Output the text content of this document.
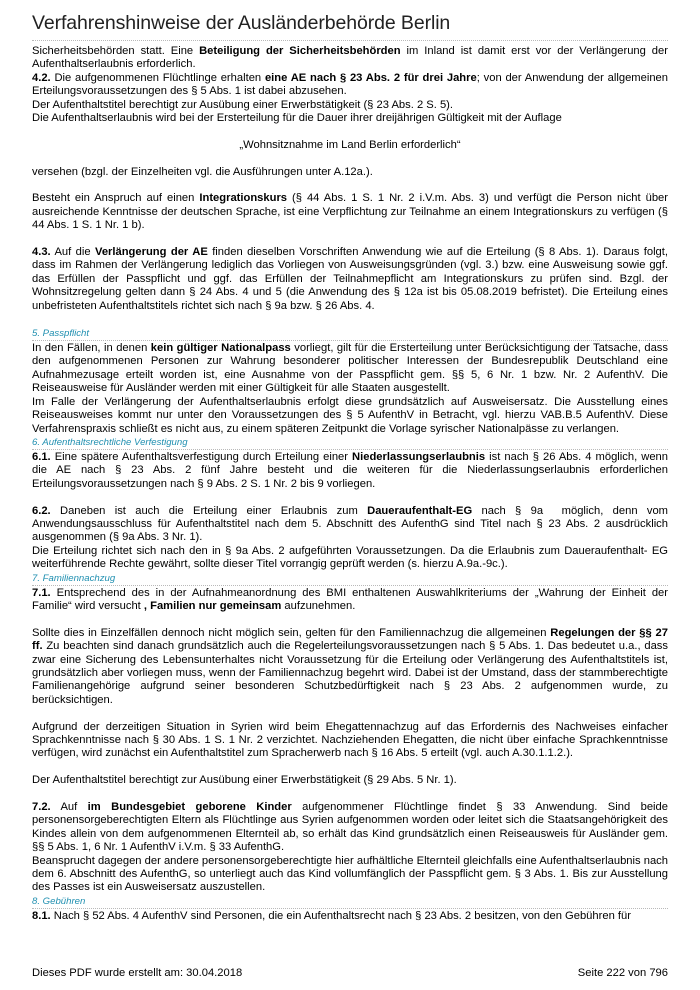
Verfahrenshinweise der Ausländerbehörde Berlin

Sicherheitsbehörden statt. Eine Beteiligung der Sicherheitsbehörden im Inland ist damit erst vor der Verlängerung der Aufenthaltserlaubnis erforderlich.

4.2. Die aufgenommenen Flüchtlinge erhalten eine AE nach § 23 Abs. 2 für drei Jahre; von der Anwendung der allgemeinen Erteilungsvoraussetzungen des § 5 Abs. 1 ist dabei abzusehen.

Der Aufenthaltstitel berechtigt zur Ausübung einer Erwerbstätigkeit (§ 23 Abs. 2 S. 5).

Die Aufenthaltserlaubnis wird bei der Ersterteilung für die Dauer ihrer dreijährigen Gültigkeit mit der Auflage

„Wohnsitznahme im Land Berlin erforderlich“

versehen (bzgl. der Einzelheiten vgl. die Ausführungen unter A.12a.).

Besteht ein Anspruch auf einen Integrationskurs (§ 44 Abs. 1 S. 1 Nr. 2 i.V.m. Abs. 3) und verfügt die Person nicht über ausreichende Kenntnisse der deutschen Sprache, ist eine Verpflichtung zur Teilnahme an einem Integrationskurs zu verfügen (§ 44 Abs. 1 S. 1 Nr. 1 b).

4.3. Auf die Verlängerung der AE finden dieselben Vorschriften Anwendung wie auf die Erteilung (§ 8 Abs. 1). Daraus folgt, dass im Rahmen der Verlängerung lediglich das Vorliegen von Ausweisungsgründen (vgl. 3.) bzw. eine Ausweisung sowie ggf. das Erfüllen der Passpflicht und ggf. das Erfüllen der Teilnahmepflicht am Integrationskurs zu prüfen sind. Bzgl. der Wohnsitzregelung gelten dann § 24 Abs. 4 und 5 (die Anwendung des § 12a ist bis 05.08.2019 befristet). Die Erteilung eines unbefristeten Aufenthaltstitels richtet sich nach § 9a bzw. § 26 Abs. 4.

5. Passpflicht

In den Fällen, in denen kein gültiger Nationalpass vorliegt, gilt für die Ersterteilung unter Berücksichtigung der Tatsache, dass den aufgenommenen Personen zur Wahrung besonderer politischer Interessen der Bundesrepublik Deutschland eine Aufnahmezusage erteilt worden ist, eine Ausnahme von der Passpflicht gem. §§ 5, 6 Nr. 1 bzw. Nr. 2 AufenthV. Die Reiseausweise für Ausländer werden mit einer Gültigkeit für alle Staaten ausgestellt.

Im Falle der Verlängerung der Aufenthaltserlaubnis erfolgt diese grundsätzlich auf Ausweisersatz. Die Ausstellung eines Reiseausweises kommt nur unter den Voraussetzungen des § 5 AufenthV in Betracht, vgl. hierzu VAB.B.5 AufenthV. Diese Verfahrenspraxis schließt es nicht aus, zu einem späteren Zeitpunkt die Vorlage syrischer Nationalpässe zu verlangen.

6. Aufenthaltsrechtliche Verfestigung

6.1. Eine spätere Aufenthaltsverfestigung durch Erteilung einer Niederlassungserlaubnis ist nach § 26 Abs. 4 möglich, wenn die AE nach § 23 Abs. 2 fünf Jahre besteht und die weiteren für die Niederlassungserlaubnis erforderlichen Erteilungsvoraussetzungen nach § 9 Abs. 2 S. 1 Nr. 2 bis 9 vorliegen.

6.2. Daneben ist auch die Erteilung einer Erlaubnis zum Daueraufenthalt-EG nach § 9a  möglich, denn vom Anwendungsausschluss für Aufenthaltstitel nach dem 5. Abschnitt des AufenthG sind Titel nach § 23 Abs. 2 ausdrücklich ausgenommen (§ 9a Abs. 3 Nr. 1).

Die Erteilung richtet sich nach den in § 9a Abs. 2 aufgeführten Voraussetzungen. Da die Erlaubnis zum Daueraufenthalt- EG weiterführende Rechte gewährt, sollte dieser Titel vorrangig geprüft werden (s. hierzu A.9a.-9c.).

7. Familiennachzug

7.1. Entsprechend des in der Aufnahmeanordnung des BMI enthaltenen Auswahlkriteriums der „Wahrung der Einheit der Familie“ wird versucht , Familien nur gemeinsam aufzunehmen.

Sollte dies in Einzelfällen dennoch nicht möglich sein, gelten für den Familiennachzug die allgemeinen Regelungen der §§ 27 ff. Zu beachten sind danach grundsätzlich auch die Regelerteilungsvoraussetzungen nach § 5 Abs. 1. Das bedeutet u.a., dass zwar eine Sicherung des Lebensunterhaltes nicht Voraussetzung für die Erteilung oder Verlängerung des Aufenthaltstitels ist, grundsätzlich aber vorliegen muss, wenn der Familiennachzug begehrt wird. Dabei ist der Umstand, dass der stammberechtigte Familienangehörige aufgrund seiner besonderen Schutzbedürftigkeit nach § 23 Abs. 2 aufgenommen wurde, zu berücksichtigen.

Aufgrund der derzeitigen Situation in Syrien wird beim Ehegattennachzug auf das Erfordernis des Nachweises einfacher Sprachkenntnisse nach § 30 Abs. 1 S. 1 Nr. 2 verzichtet. Nachziehenden Ehegatten, die nicht über einfache Sprachkenntnisse verfügen, wird zunächst ein Aufenthaltstitel zum Spracherwerb nach § 16 Abs. 5 erteilt (vgl. auch A.30.1.1.2.).

Der Aufenthaltstitel berechtigt zur Ausübung einer Erwerbstätigkeit (§ 29 Abs. 5 Nr. 1).

7.2. Auf im Bundesgebiet geborene Kinder aufgenommener Flüchtlinge findet § 33 Anwendung. Sind beide personensorgeberechtigten Eltern als Flüchtlinge aus Syrien aufgenommen worden oder leitet sich die Staatsangehörigkeit des Kindes allein von dem aufgenommenen Elternteil ab, so erhält das Kind grundsätzlich einen Reiseausweis für Ausländer gem. §§ 5 Abs. 1, 6 Nr. 1 AufenthV i.V.m. § 33 AufenthG.

Beansprucht dagegen der andere personensorgeberechtigte hier aufhältliche Elternteil gleichfalls eine Aufenthaltserlaubnis nach dem 6. Abschnitt des AufenthG, so unterliegt auch das Kind vollumfänglich der Passpflicht gem. § 3 Abs. 1. Bis zur Ausstellung des Passes ist ein Ausweisersatz auszustellen.

8. Gebühren

8.1. Nach § 52 Abs. 4 AufenthV sind Personen, die ein Aufenthaltsrecht nach § 23 Abs. 2 besitzen, von den Gebühren für

Dieses PDF wurde erstellt am: 30.04.2018	Seite 222 von 796
